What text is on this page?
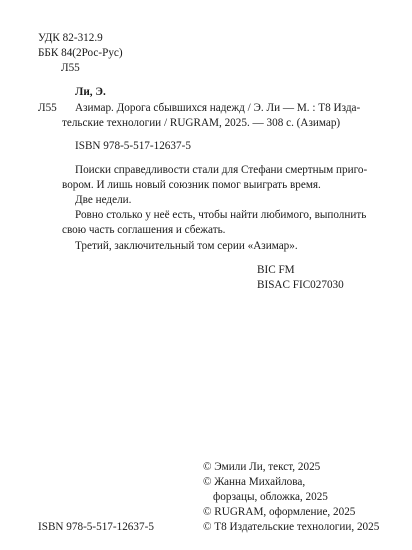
УДК 82-312.9
ББК 84(2Рос-Рус)
Л55
Ли, Э.
Л55 Азимар. Дорога сбывшихся надежд / Э. Ли — М. : Т8 Изда-
тельские технологии / RUGRAM, 2025. — 308 с. (Азимар)
ISBN 978-5-517-12637-5
Поиски справедливости стали для Стефани смертным приго-
вором. И лишь новый союзник помог выиграть время.
Две недели.
Ровно столько у неё есть, чтобы найти любимого, выполнить
свою часть соглашения и сбежать.
Третий, заключительный том серии «Азимар».
BIC FM
BISAC FIC027030
© Эмили Ли, текст, 2025
© Жанна Михайлова,
форзацы, обложка, 2025
© RUGRAM, оформление, 2025
© Т8 Издательские технологии, 2025
ISBN 978-5-517-12637-5
